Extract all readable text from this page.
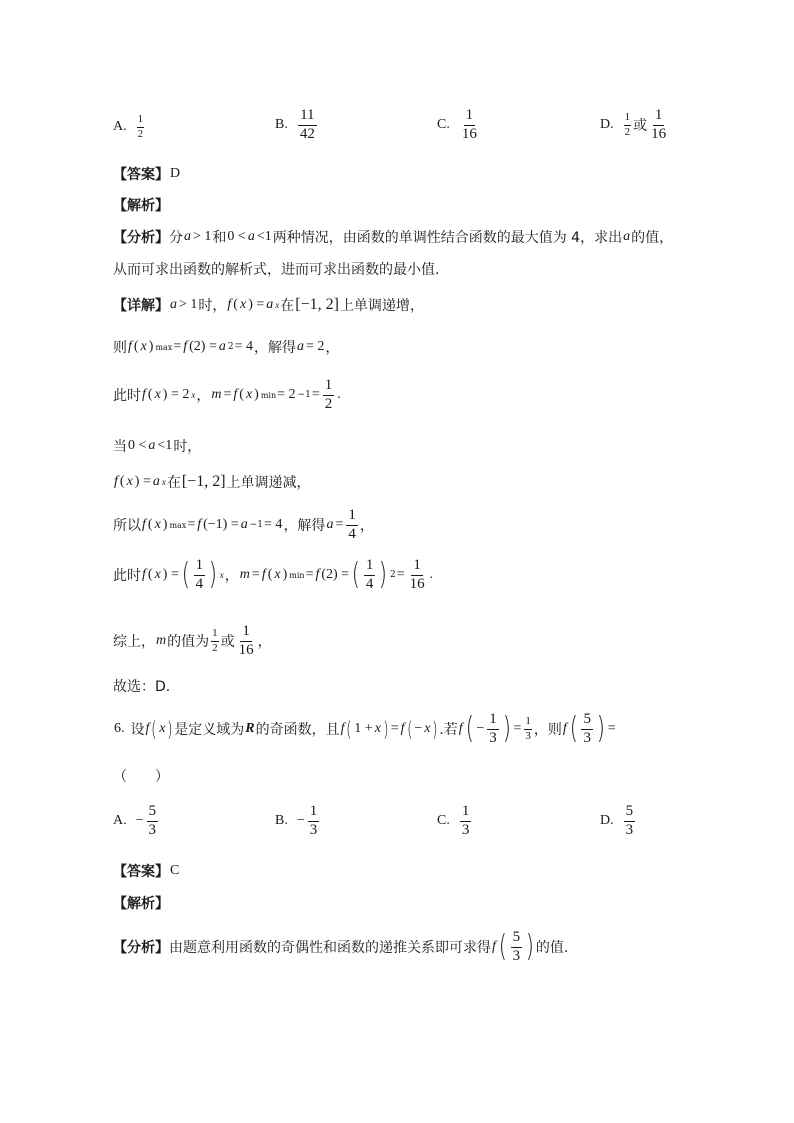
A. $\frac{1}{2}$	B. $\frac{11}{42}$	C. $\frac{1}{16}$	D. $\frac{1}{2}$ 或 $\frac{1}{16}$
【答案】 D
【解析】
【分析】 分 a > 1 和 0 < a <1 两种情况，由函数的单调性结合函数的最大值为 4，求出 a 的值，
从而可求出函数的解析式，进而可求出函数的最小值.
【详解】 a > 1 时， f ( x ) = a x 在 [−1, 2] 上单调递增，
则 f ( x ) max = f (2) = a 2 = 4 ，解得 a = 2 ，
此时 f ( x ) = 2 x ， m = f ( x ) $\min = 2 -1 = \frac{1}{2}$ .
当 0 < a <1 时，
f ( x ) = a x 在 [−1, 2] 上单调递减，
所以 f ( x ) max = f (−1) = a −1 = 4 ，解得 $a = \frac{1}{4}$ ，
此时 f ( x ) = ( $\frac{1}{4}$ ) x ， m = f ( x ) min = f (2) = ( $\frac{1}{4}$ ) $2 = \frac{1}{16}$ .
综上， m 的值为 $\frac{1}{2}$ 或 $\frac{1}{16}$ ，
故选：D.
6. 设 f ( x ) 是定义域为 R 的奇函数，且 f ( 1 + x ) = f ( − x ) .若 f ( − $\frac{1}{3}$ ) = $\frac{1}{3}$ ，则 f ( $\frac{5}{3}$ ) =
（　　）
A. − $\frac{5}{3}$	B. − $\frac{1}{3}$	C. $\frac{1}{3}$	D. $\frac{5}{3}$
【答案】 C
【解析】
【分析】 由题意利用函数的奇偶性和函数的递推关系即可求得 f ( $\frac{5}{3}$ ) 的值.
